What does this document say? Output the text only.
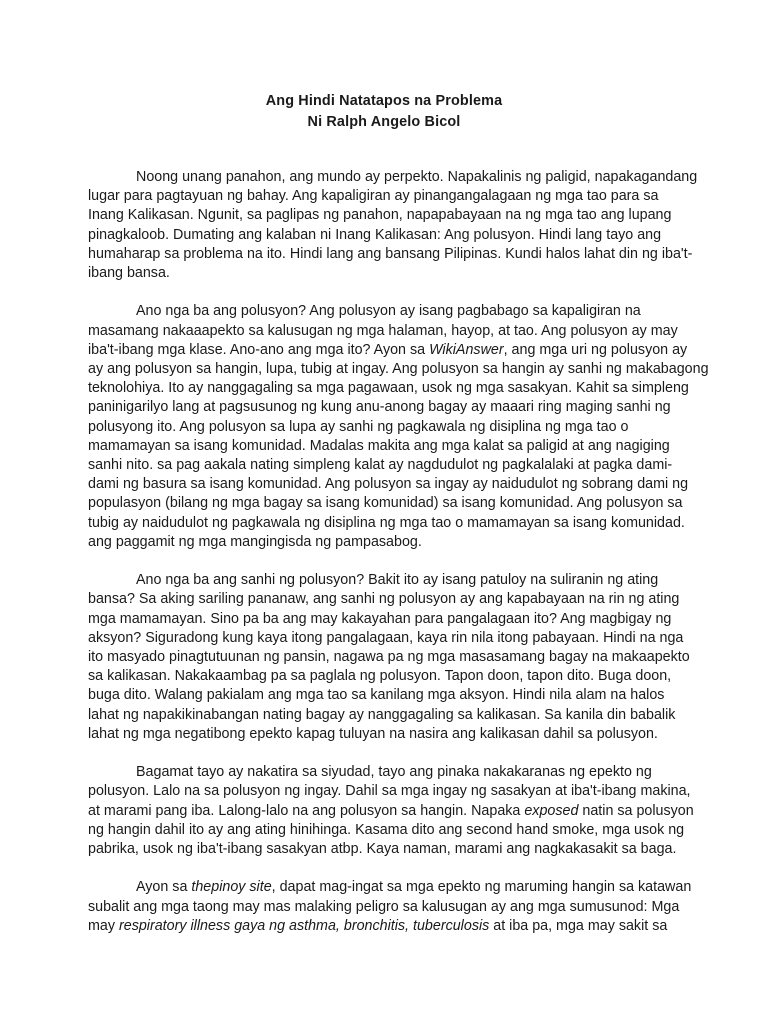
Ang Hindi Natatapos na Problema

Ni Ralph Angelo Bicol

Noong unang panahon, ang mundo ay perpekto. Napakalinis ng paligid, napakagandang
lugar para pagtayuan ng bahay. Ang kapaligiran ay pinangangalagaan ng mga tao para sa
Inang Kalikasan. Ngunit, sa paglipas ng panahon, napapabayaan na ng mga tao ang lupang
pinagkaloob. Dumating ang kalaban ni Inang Kalikasan: Ang polusyon. Hindi lang tayo ang
humaharap sa problema na ito. Hindi lang ang bansang Pilipinas. Kundi halos lahat din ng iba't-
ibang bansa.
Ano nga ba ang polusyon? Ang polusyon ay isang pagbabago sa kapaligiran na
masamang nakaaapekto sa kalusugan ng mga halaman, hayop, at tao. Ang polusyon ay may
iba't-ibang mga klase. Ano-ano ang mga ito? Ayon sa WikiAnswer, ang mga uri ng polusyon ay
ay ang polusyon sa hangin, lupa, tubig at ingay. Ang polusyon sa hangin ay sanhi ng makabagong
teknolohiya. Ito ay nanggagaling sa mga pagawaan, usok ng mga sasakyan. Kahit sa simpleng
paninigarilyo lang at pagsusunog ng kung anu-anong bagay ay maaari ring maging sanhi ng
polusyong ito. Ang polusyon sa lupa ay sanhi ng pagkawala ng disiplina ng mga tao o
mamamayan sa isang komunidad. Madalas makita ang mga kalat sa paligid at ang nagiging
sanhi nito. sa pag aakala nating simpleng kalat ay nagdudulot ng pagkalalaki at pagka dami-
dami ng basura sa isang komunidad. Ang polusyon sa ingay ay naidudulot ng sobrang dami ng
populasyon (bilang ng mga bagay sa isang komunidad) sa isang komunidad. Ang polusyon sa
tubig ay naidudulot ng pagkawala ng disiplina ng mga tao o mamamayan sa isang komunidad.
ang paggamit ng mga mangingisda ng pampasabog.
Ano nga ba ang sanhi ng polusyon? Bakit ito ay isang patuloy na suliranin ng ating
bansa? Sa aking sariling pananaw, ang sanhi ng polusyon ay ang kapabayaan na rin ng ating
mga mamamayan. Sino pa ba ang may kakayahan para pangalagaan ito? Ang magbigay ng
aksyon? Siguradong kung kaya itong pangalagaan, kaya rin nila itong pabayaan. Hindi na nga
ito masyado pinagtutuunan ng pansin, nagawa pa ng mga masasamang bagay na makaapekto
sa kalikasan. Nakakaambag pa sa paglala ng polusyon. Tapon doon, tapon dito. Buga doon,
buga dito. Walang pakialam ang mga tao sa kanilang mga aksyon. Hindi nila alam na halos
lahat ng napakikinabangan nating bagay ay nanggagaling sa kalikasan. Sa kanila din babalik
lahat ng mga negatibong epekto kapag tuluyan na nasira ang kalikasan dahil sa polusyon.
Bagamat tayo ay nakatira sa siyudad, tayo ang pinaka nakakaranas ng epekto ng
polusyon. Lalo na sa polusyon ng ingay. Dahil sa mga ingay ng sasakyan at iba't-ibang makina,
at marami pang iba. Lalong-lalo na ang polusyon sa hangin. Napaka exposed natin sa polusyon
ng hangin dahil ito ay ang ating hinihinga. Kasama dito ang second hand smoke, mga usok ng
pabrika, usok ng iba't-ibang sasakyan atbp. Kaya naman, marami ang nagkakasakit sa baga.
Ayon sa thepinoy site, dapat mag-ingat sa mga epekto ng maruming hangin sa katawan
subalit ang mga taong may mas malaking peligro sa kalusugan ay ang mga sumusunod: Mga
may respiratory illness gaya ng asthma, bronchitis, tuberculosis at iba pa, mga may sakit sa
